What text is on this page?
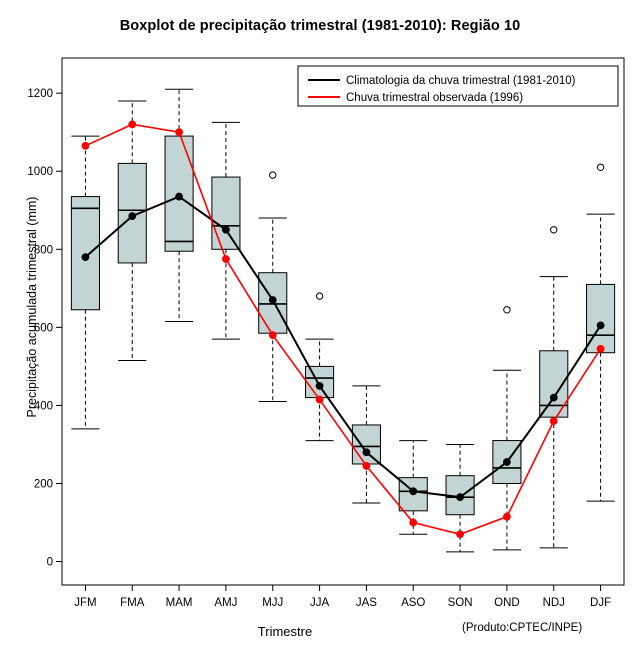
Boxplot de precipitação trimestral (1981-2010): Região 10
Precipitação acumulada trimestral (mm)
Trimestre	(Produto:CPTEC/INPE)
0
200
400
600
800
1000
1200
JFM FMA MAM AMJ MJJ JJA JAS ASO SON OND NDJ DJF
Climatologia da chuva trimestral (1981-2010)
Chuva trimestral observada (1996)
